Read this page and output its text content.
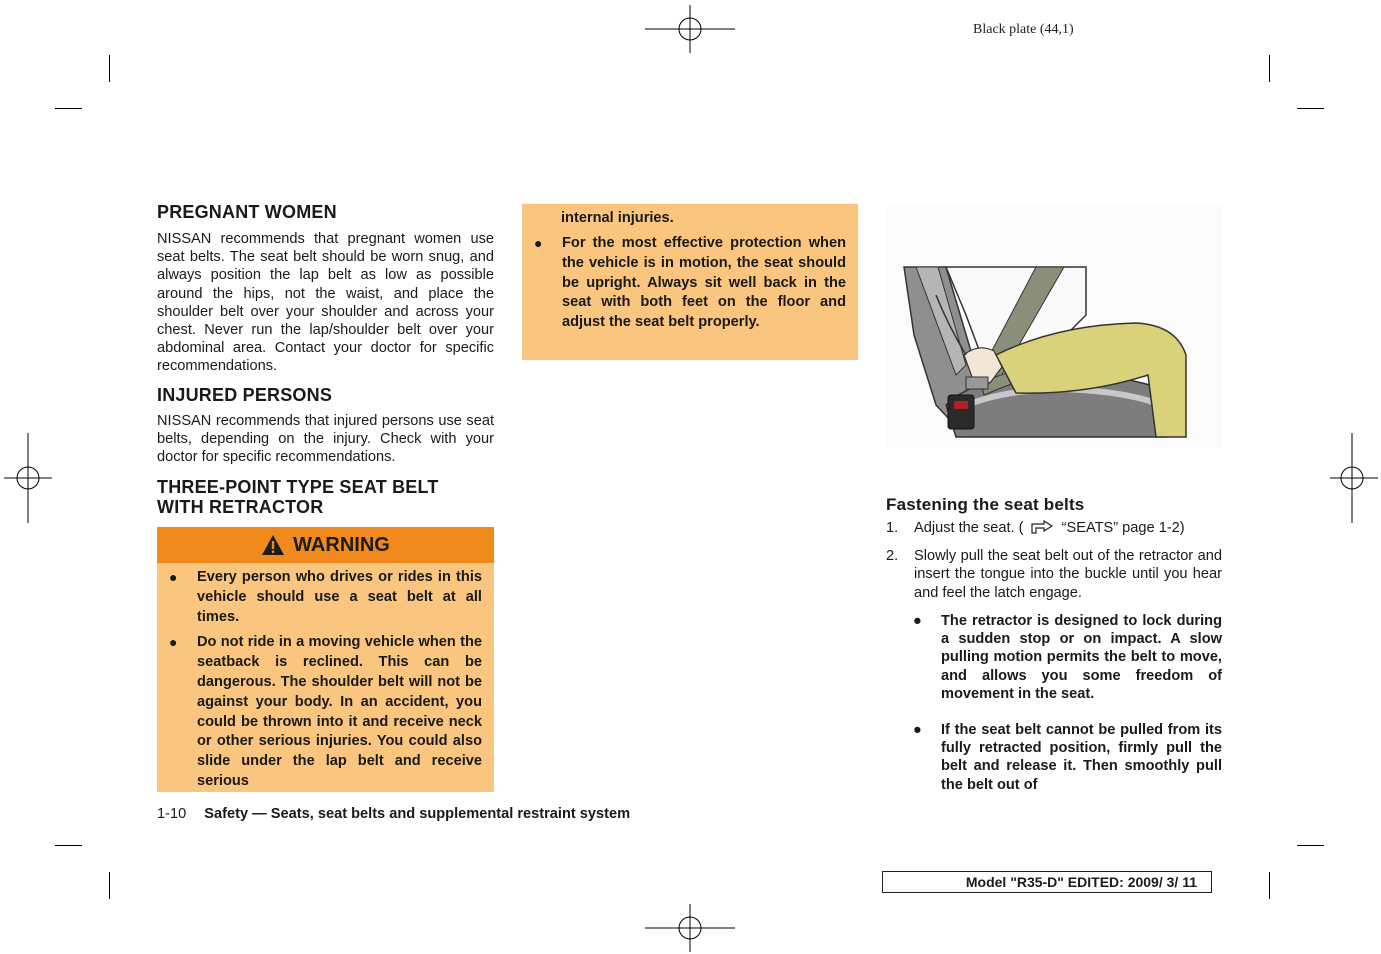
Black plate (44,1)
PREGNANT WOMEN

NISSAN recommends that pregnant women use seat belts. The seat belt should be worn snug, and always position the lap belt as low as possible around the hips, not the waist, and place the shoulder belt over your shoulder and across your chest. Never run the lap/shoulder belt over your abdominal area. Contact your doctor for specific recommendations.

INJURED PERSONS

NISSAN recommends that injured persons use seat belts, depending on the injury. Check with your doctor for specific recommendations.

THREE-POINT TYPE SEAT BELT
WITH RETRACTOR
WARNING
● Every person who drives or rides in this vehicle should use a seat belt at all times.
● Do not ride in a moving vehicle when the seatback is reclined. This can be dangerous. The shoulder belt will not be against your body. In an accident, you could be thrown into it and receive neck or other serious injuries. You could also slide under the lap belt and receive serious
internal injuries.
● For the most effective protection when the vehicle is in motion, the seat should be upright. Always sit well back in the seat with both feet on the floor and adjust the seat belt properly.
Fastening the seat belts
1. Adjust the seat. (	“SEATS” page 1-2)
2. Slowly pull the seat belt out of the retractor and insert the tongue into the buckle until you hear and feel the latch engage.
● The retractor is designed to lock during a sudden stop or on impact. A slow pulling motion permits the belt to move, and allows you some freedom of movement in the seat.
● If the seat belt cannot be pulled from its fully retracted position, firmly pull the belt and release it. Then smoothly pull the belt out of
1-10 Safety — Seats, seat belts and supplemental restraint system
Model "R35-D" EDITED: 2009/ 3/ 11
